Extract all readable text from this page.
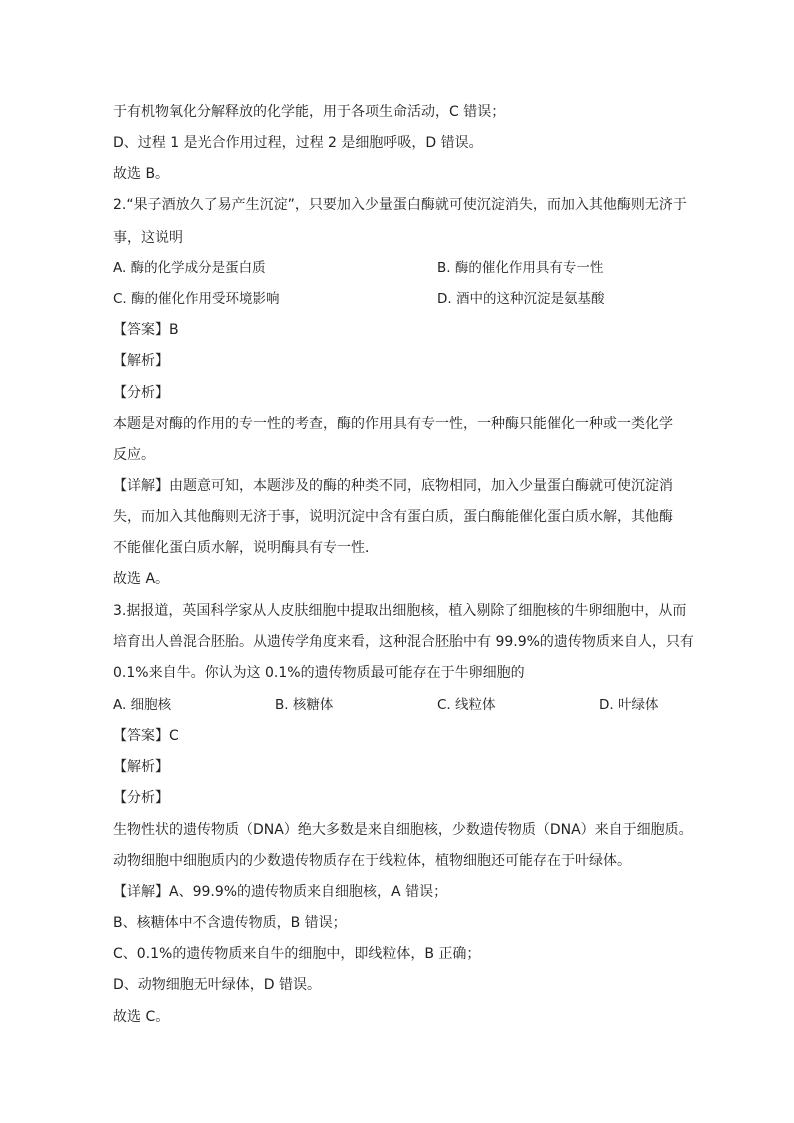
于有机物氧化分解释放的化学能，用于各项生命活动，C 错误；
D、过程 1 是光合作用过程，过程 2 是细胞呼吸，D 错误。
故选 B。
2.“果子酒放久了易产生沉淀”，只要加入少量蛋白酶就可使沉淀消失，而加入其他酶则无济于
事，这说明
A. 酶的化学成分是蛋白质	B. 酶的催化作用具有专一性
C. 酶的催化作用受环境影响	D. 酒中的这种沉淀是氨基酸
【答案】B
【解析】
【分析】
本题是对酶的作用的专一性的考查，酶的作用具有专一性，一种酶只能催化一种或一类化学
反应。
【详解】由题意可知，本题涉及的酶的种类不同，底物相同，加入少量蛋白酶就可使沉淀消
失，而加入其他酶则无济于事，说明沉淀中含有蛋白质，蛋白酶能催化蛋白质水解，其他酶
不能催化蛋白质水解，说明酶具有专一性．
故选 A。
3.据报道，英国科学家从人皮肤细胞中提取出细胞核，植入剔除了细胞核的牛卵细胞中，从而
培育出人兽混合胚胎。从遗传学角度来看，这种混合胚胎中有 99.9%的遗传物质来自人，只有
0.1%来自牛。你认为这 0.1%的遗传物质最可能存在于牛卵细胞的
A. 细胞核	B. 核糖体	C. 线粒体	D. 叶绿体
【答案】C
【解析】
【分析】
生物性状的遗传物质（DNA）绝大多数是来自细胞核，少数遗传物质（DNA）来自于细胞质。
动物细胞中细胞质内的少数遗传物质存在于线粒体，植物细胞还可能存在于叶绿体。
【详解】A、99.9%的遗传物质来自细胞核，A 错误；
B、核糖体中不含遗传物质，B 错误；
C、0.1%的遗传物质来自牛的细胞中，即线粒体，B 正确；
D、动物细胞无叶绿体，D 错误。
故选 C。
